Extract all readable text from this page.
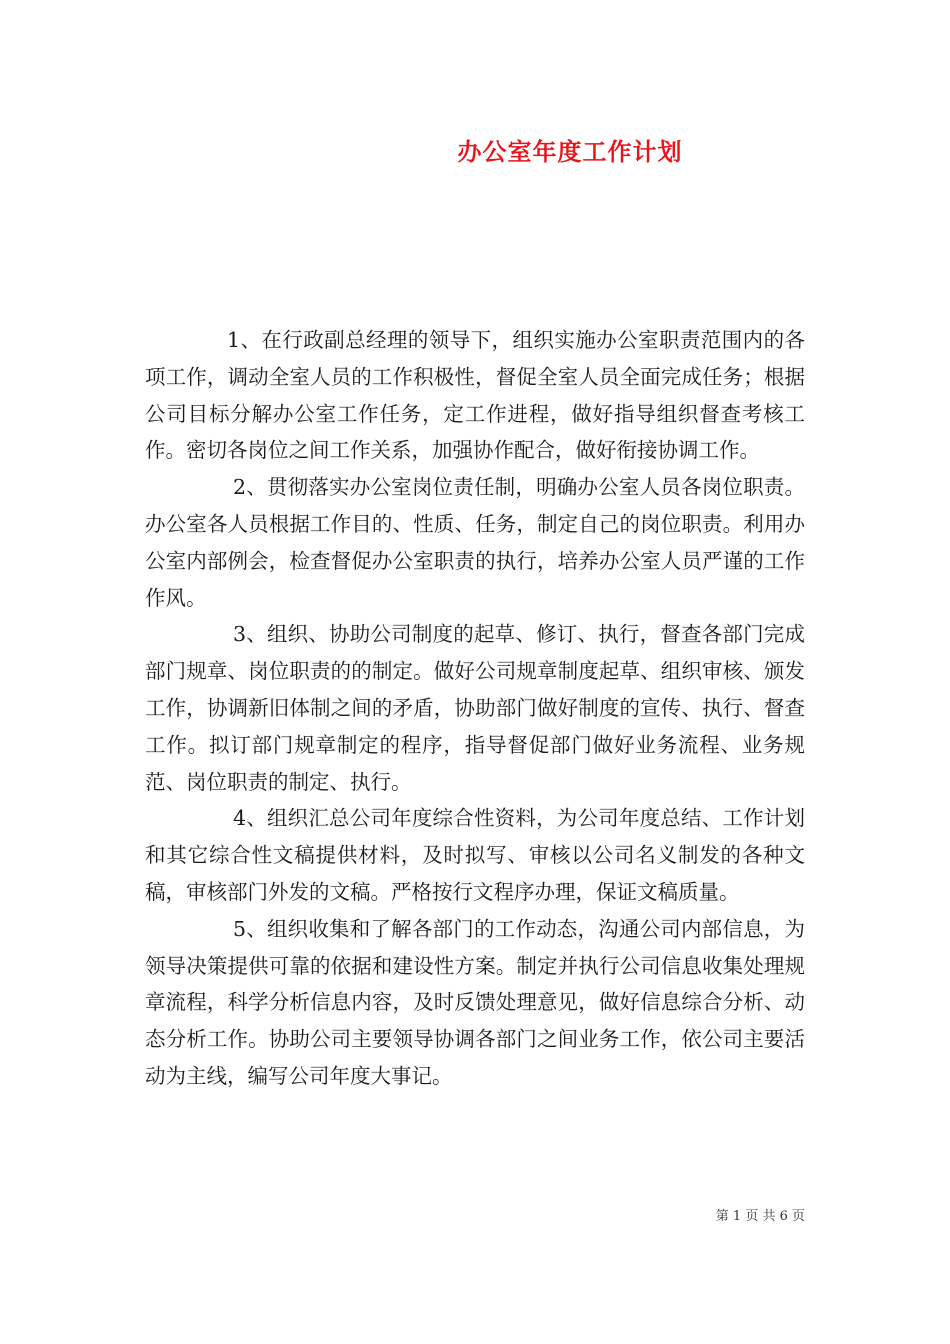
办公室年度工作计划

1、在行政副总经理的领导下，组织实施办公室职责范围内的各项工作，调动全室人员的工作积极性，督促全室人员全面完成任务；根据公司目标分解办公室工作任务，定工作进程，做好指导组织督查考核工作。密切各岗位之间工作关系，加强协作配合，做好衔接协调工作。

2、贯彻落实办公室岗位责任制，明确办公室人员各岗位职责。办公室各人员根据工作目的、性质、任务，制定自己的岗位职责。利用办公室内部例会，检查督促办公室职责的执行，培养办公室人员严谨的工作作风。

3、组织、协助公司制度的起草、修订、执行，督查各部门完成部门规章、岗位职责的的制定。做好公司规章制度起草、组织审核、颁发工作，协调新旧体制之间的矛盾，协助部门做好制度的宣传、执行、督查工作。拟订部门规章制定的程序，指导督促部门做好业务流程、业务规范、岗位职责的制定、执行。

4、组织汇总公司年度综合性资料，为公司年度总结、工作计划和其它综合性文稿提供材料，及时拟写、审核以公司名义制发的各种文稿，审核部门外发的文稿。严格按行文程序办理，保证文稿质量。

5、组织收集和了解各部门的工作动态，沟通公司内部信息，为领导决策提供可靠的依据和建设性方案。制定并执行公司信息收集处理规章流程，科学分析信息内容，及时反馈处理意见，做好信息综合分析、动态分析工作。协助公司主要领导协调各部门之间业务工作，依公司主要活动为主线，编写公司年度大事记。

第 1 页 共 6 页
